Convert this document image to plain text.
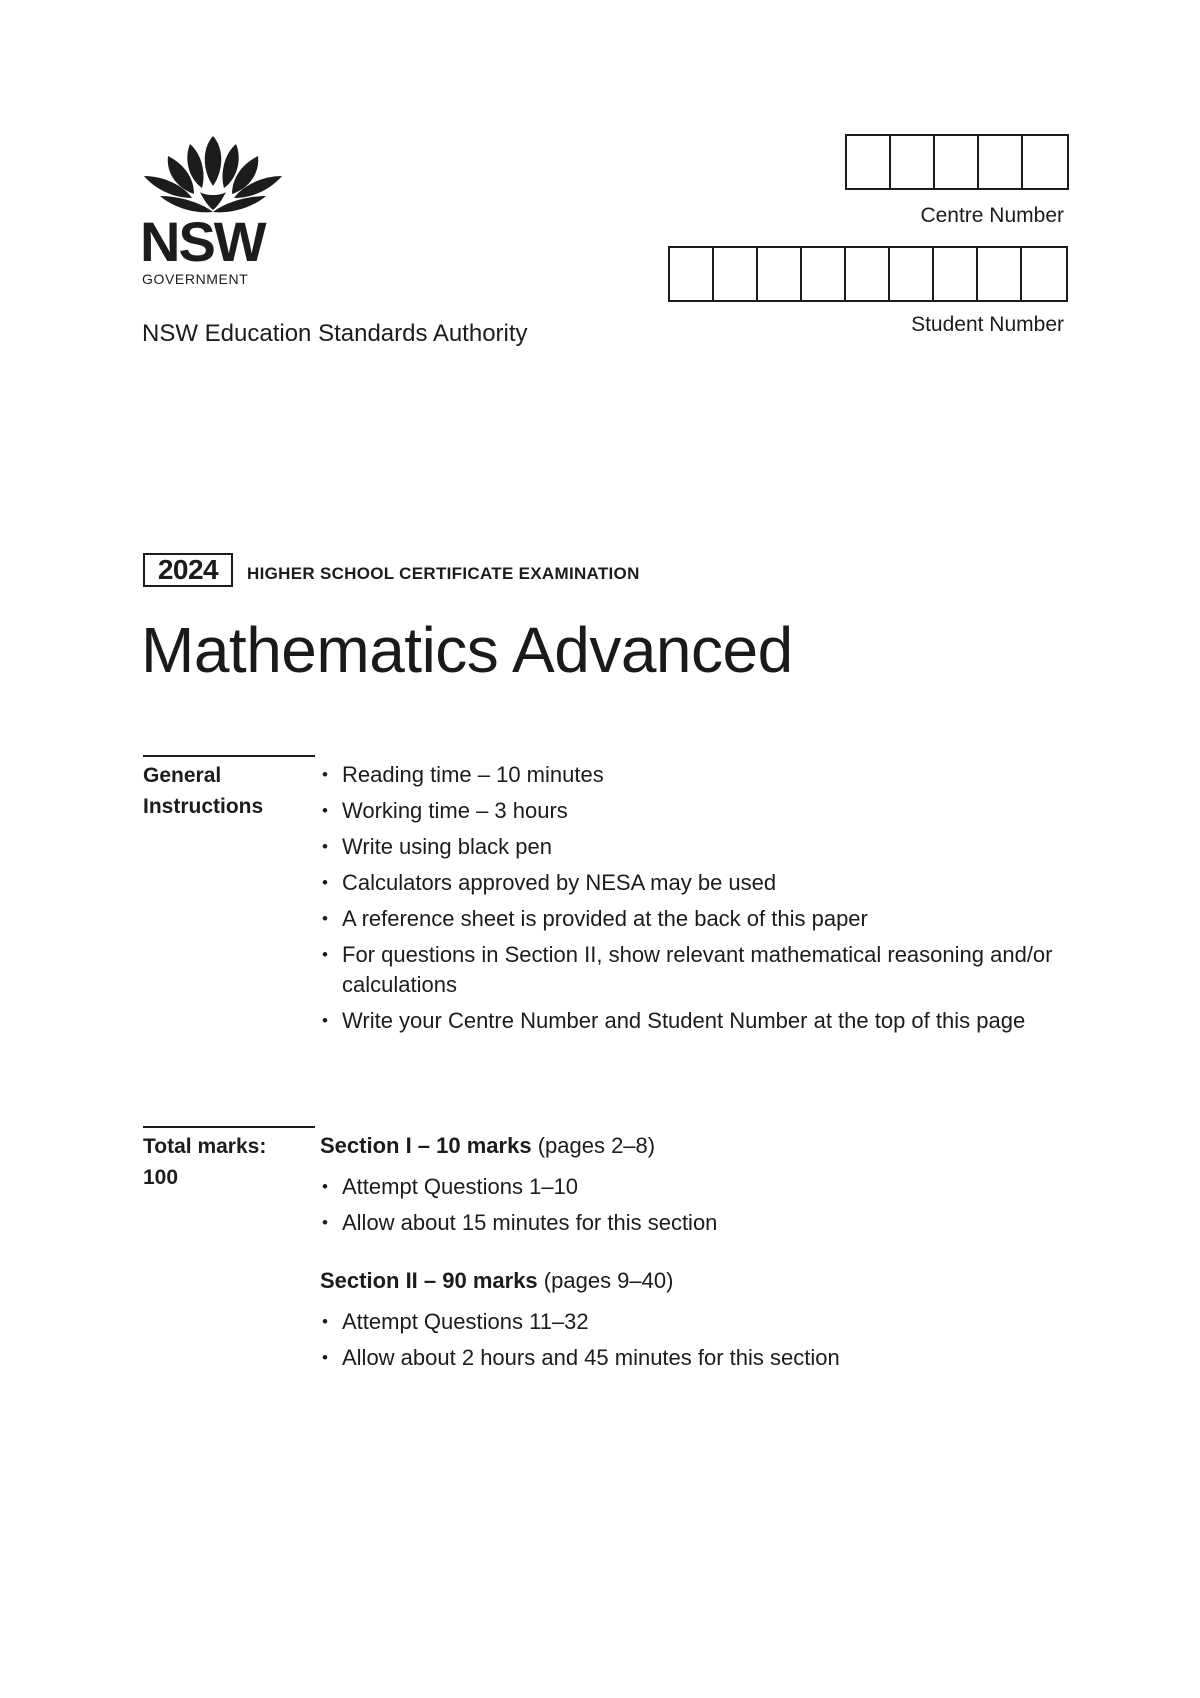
NSW
GOVERNMENT
NSW Education Standards Authority
Centre Number
Student Number
2024	HIGHER SCHOOL CERTIFICATE EXAMINATION
Mathematics Advanced
General
Instructions
• Reading time – 10 minutes
• Working time – 3 hours
• Write using black pen
• Calculators approved by NESA may be used
• A reference sheet is provided at the back of this paper
• For questions in Section II, show relevant mathematical reasoning and/or calculations
• Write your Centre Number and Student Number at the top of this page
Total marks:
100
Section I – 10 marks (pages 2–8)
• Attempt Questions 1–10
• Allow about 15 minutes for this section
Section II – 90 marks (pages 9–40)
• Attempt Questions 11–32
• Allow about 2 hours and 45 minutes for this section
